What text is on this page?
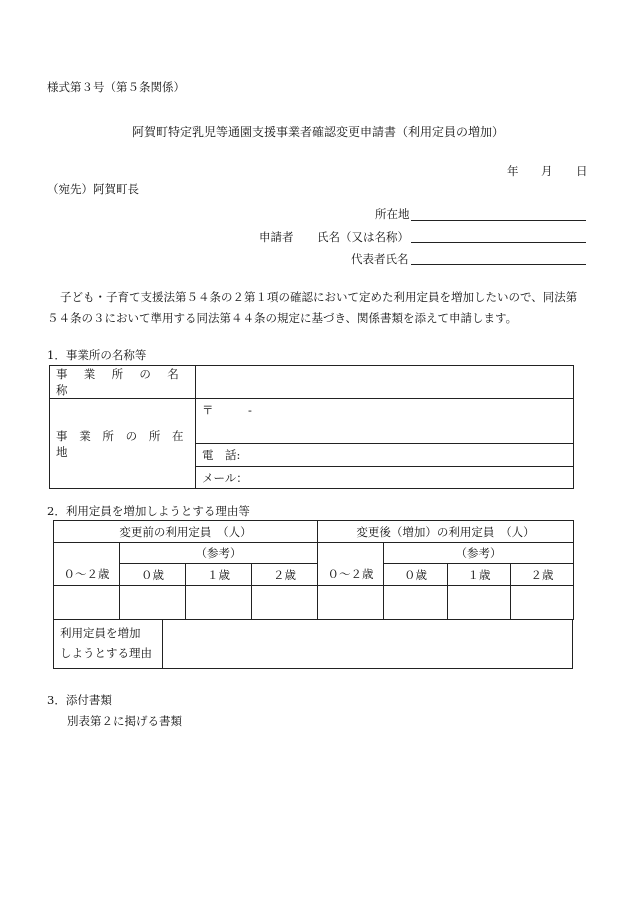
様式第３号（第５条関係）
阿賀町特定乳児等通園支援事業者確認変更申請書（利用定員の増加）
年 月 日
（宛先）阿賀町長
所在地
申請者 氏名（又は名称）
代表者氏名
子ども・子育て支援法第５４条の２第１項の確認において定めた利用定員を増加したいので、同法第
５４条の３において準用する同法第４４条の規定に基づき、関係書類を添えて申請します。
1．事業所の名称等
事 業 所 の 名 称	
事 業 所 の 所 在 地	〒　　　-
	電　話:
	メール：
2．利用定員を増加しようとする理由等
変更前の利用定員　（人）				変更後（増加）の利用定員　（人）			
０～２歳	（参考）			０～２歳	（参考）		
	０歳	１歳	２歳		０歳	１歳	２歳

利用定員を増加
しようとする理由

3．添付書類
別表第２に掲げる書類
